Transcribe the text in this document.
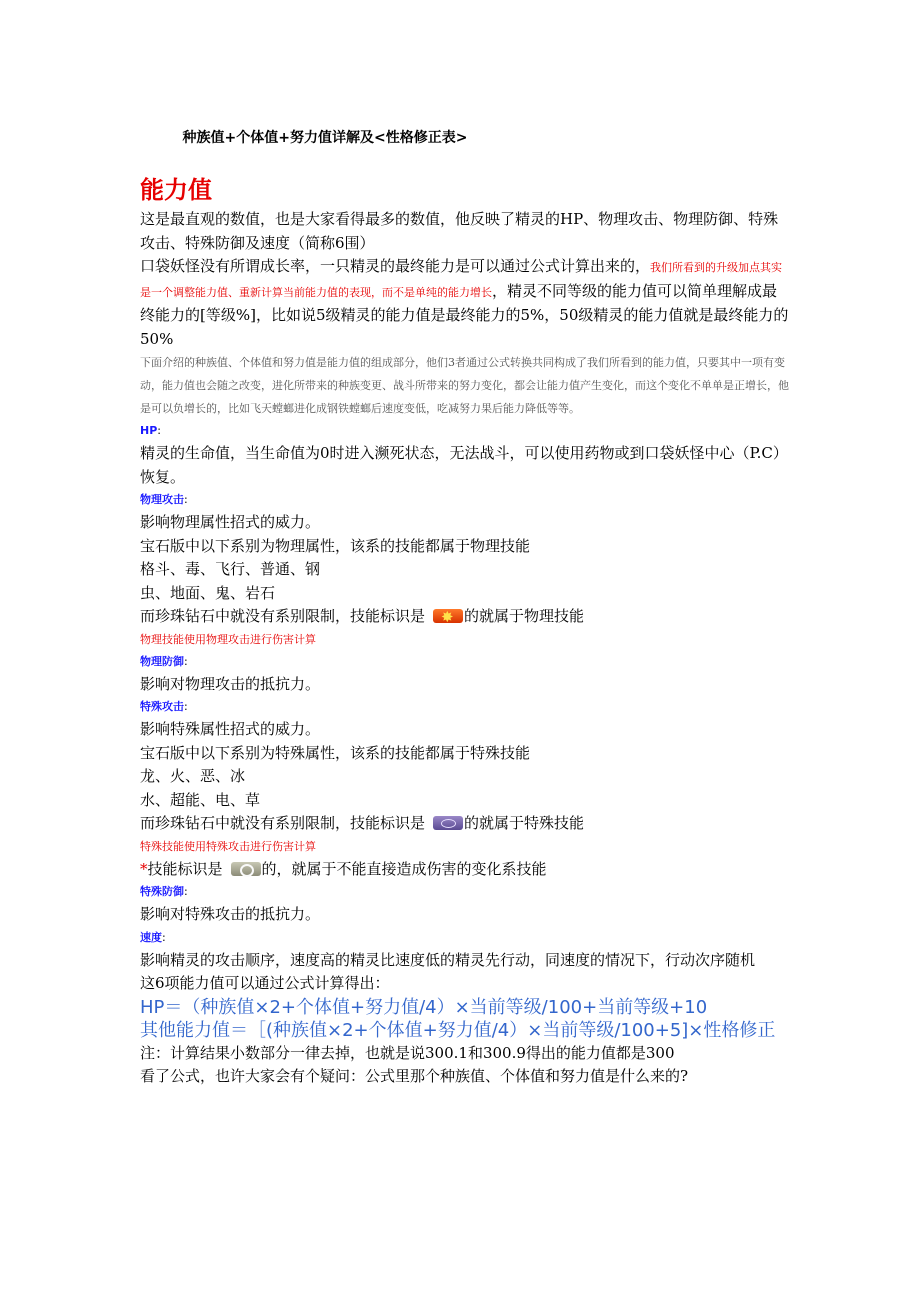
种族值+个体值+努力值详解及<性格修正表>
能力值

这是最直观的数值，也是大家看得最多的数值，他反映了精灵的HP、物理攻击、物理防御、特殊攻击、特殊防御及速度（简称6围）

口袋妖怪没有所谓成长率，一只精灵的最终能力是可以通过公式计算出来的，我们所看到的升级加点其实是一个调整能力值、重新计算当前能力值的表现，而不是单纯的能力增长，精灵不同等级的能力值可以简单理解成最终能力的[等级%]，比如说5级精灵的能力值是最终能力的5%，50级精灵的能力值就是最终能力的50%

下面介绍的种族值、个体值和努力值是能力值的组成部分，他们3者通过公式转换共同构成了我们所看到的能力值，只要其中一项有变动，能力值也会随之改变，进化所带来的种族变更、战斗所带来的努力变化，都会让能力值产生变化，而这个变化不单单是正增长，他是可以负增长的，比如飞天螳螂进化成钢铁螳螂后速度变低，吃减努力果后能力降低等等。

HP:

精灵的生命值，当生命值为0时进入濒死状态，无法战斗，可以使用药物或到口袋妖怪中心（P.C）恢复。

物理攻击:

影响物理属性招式的威力。

宝石版中以下系别为物理属性，该系的技能都属于物理技能

格斗、毒、飞行、普通、钢

虫、地面、鬼、岩石

而珍珠钻石中就没有系别限制，技能标识是✸	的就属于物理技能

物理技能使用物理攻击进行伤害计算

物理防御:

影响对物理攻击的抵抗力。

特殊攻击:

影响特殊属性招式的威力。

宝石版中以下系别为特殊属性，该系的技能都属于特殊技能

龙、火、恶、冰

水、超能、电、草

而珍珠钻石中就没有系别限制，技能标识是	的就属于特殊技能

特殊技能使用特殊攻击进行伤害计算

*技能标识是	的，就属于不能直接造成伤害的变化系技能

特殊防御:

影响对特殊攻击的抵抗力。

速度:

影响精灵的攻击顺序，速度高的精灵比速度低的精灵先行动，同速度的情况下，行动次序随机

这6项能力值可以通过公式计算得出：

HP＝（种族值×2+个体值+努力值/4）×当前等级/100+当前等级+10

其他能力值＝［(种族值×2+个体值+努力值/4）×当前等级/100+5]×性格修正

注：计算结果小数部分一律去掉，也就是说300.1和300.9得出的能力值都是300

看了公式，也许大家会有个疑问：公式里那个种族值、个体值和努力值是什么来的?
